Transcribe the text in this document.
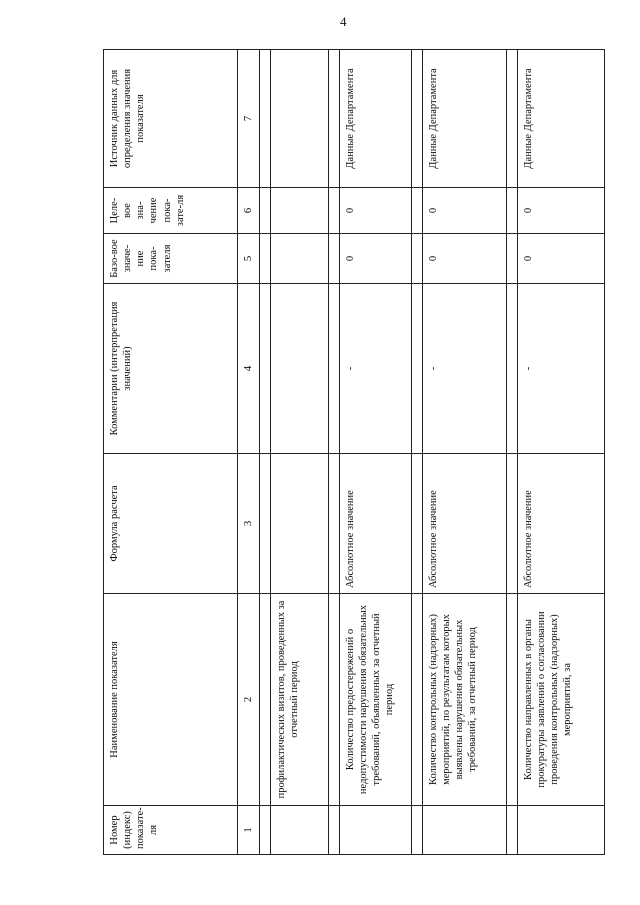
4
Номер (индекс) показате-ля	Наименование показателя	Формула расчета	Комментарии (интерпретация значений)	Базо-вое значе-ние пока-зателя	Целе-вое зна-чение пока-зате-ля	Источник данных для определения значения показателя
1	2	3	4	5	6	7

	профилактических визитов, проведенных за отчетный период					

	Количество предостережений о недопустимости нарушения обязательных требований, объявленных за отчетный период	Абсолютное значение	-	0	0	Данные Департамента

	Количество контрольных (надзорных) мероприятий, по результатам которых выявлены нарушения обязательных требований, за отчетный период	Абсолютное значение	-	0	0	Данные Департамента

	Количество направленных в органы прокуратуры заявлений о согласовании проведения контрольных (надзорных) мероприятий, за	Абсолютное значение	-	0	0	Данные Департамента
